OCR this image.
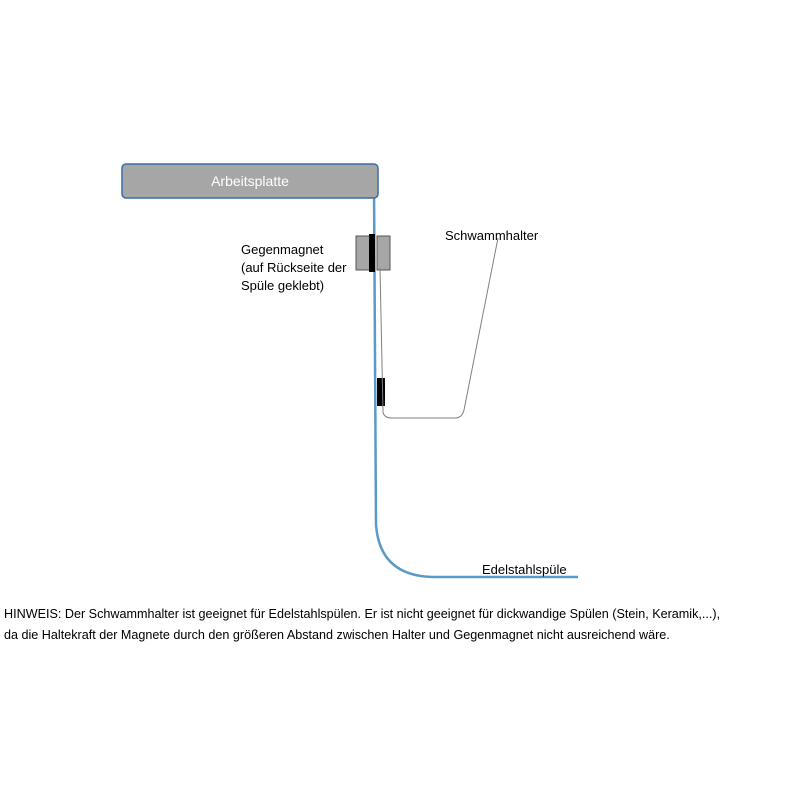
Arbeitsplatte
Gegenmagnet (auf Rückseite der Spüle geklebt)
Schwammhalter
Edelstahlspüle
HINWEIS: Der Schwammhalter ist geeignet für Edelstahlspülen. Er ist nicht geeignet für dickwandige Spülen (Stein, Keramik,...),
da die Haltekraft der Magnete durch den größeren Abstand zwischen Halter und Gegenmagnet nicht ausreichend wäre.
